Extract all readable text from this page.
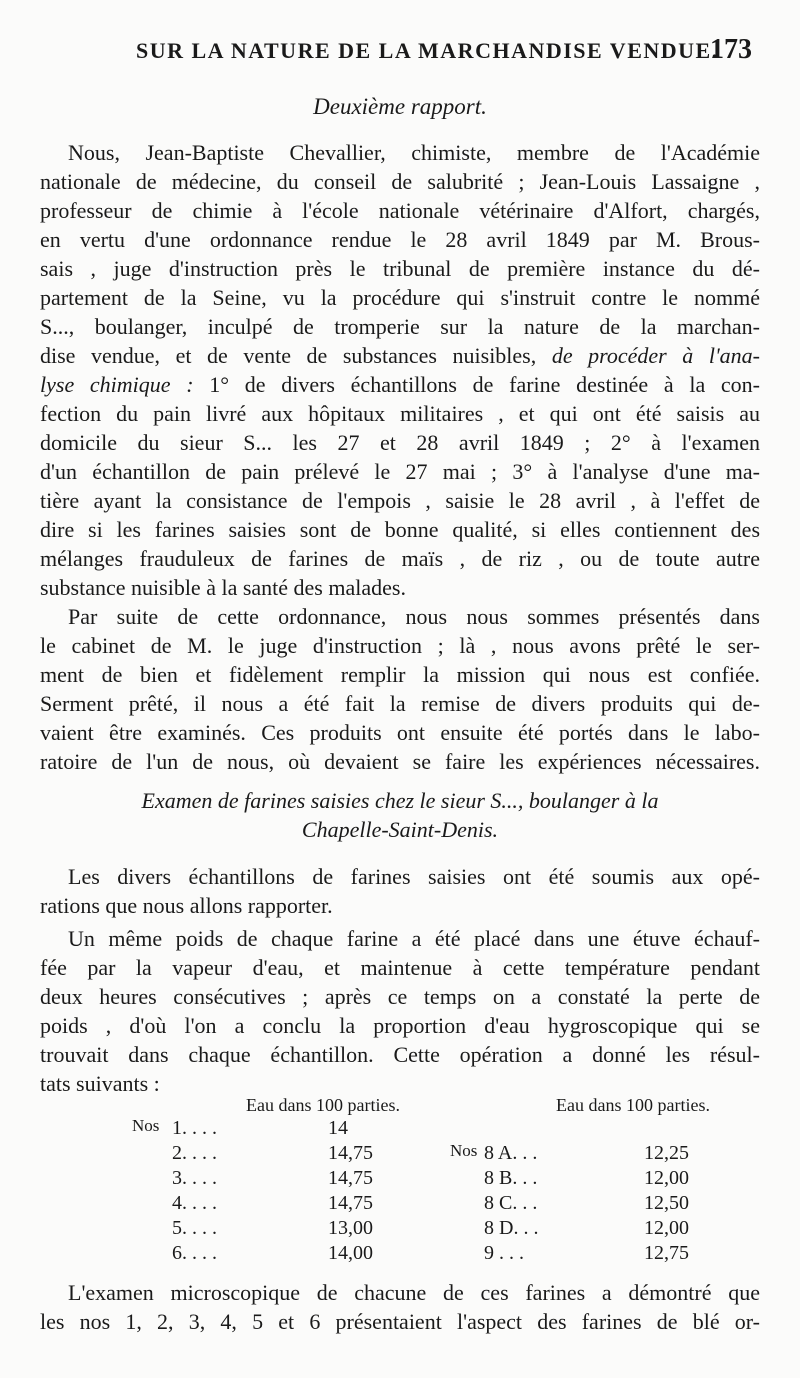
SUR LA NATURE DE LA MARCHANDISE VENDUE.
173
Deuxième rapport.
Nous, Jean-Baptiste Chevallier, chimiste, membre de l'Académie
nationale de médecine, du conseil de salubrité ; Jean-Louis Lassaigne ,
professeur de chimie à l'école nationale vétérinaire d'Alfort, chargés,
en vertu d'une ordonnance rendue le 28 avril 1849 par M. Brous-
sais , juge d'instruction près le tribunal de première instance du dé-
partement de la Seine, vu la procédure qui s'instruit contre le nommé
S..., boulanger, inculpé de tromperie sur la nature de la marchan-
dise vendue, et de vente de substances nuisibles, de procéder à l'ana-
lyse chimique : 1° de divers échantillons de farine destinée à la con-
fection du pain livré aux hôpitaux militaires , et qui ont été saisis au
domicile du sieur S... les 27 et 28 avril 1849 ; 2° à l'examen
d'un échantillon de pain prélevé le 27 mai ; 3° à l'analyse d'une ma-
tière ayant la consistance de l'empois , saisie le 28 avril , à l'effet de
dire si les farines saisies sont de bonne qualité, si elles contiennent des
mélanges frauduleux de farines de maïs , de riz , ou de toute autre
substance nuisible à la santé des malades.
Par suite de cette ordonnance, nous nous sommes présentés dans
le cabinet de M. le juge d'instruction ; là , nous avons prêté le ser-
ment de bien et fidèlement remplir la mission qui nous est confiée.
Serment prêté, il nous a été fait la remise de divers produits qui de-
vaient être examinés. Ces produits ont ensuite été portés dans le labo-
ratoire de l'un de nous, où devaient se faire les expériences nécessaires.
Examen de farines saisies chez le sieur S..., boulanger à la
Chapelle-Saint-Denis.
Les divers échantillons de farines saisies ont été soumis aux opé-
rations que nous allons rapporter.
Un même poids de chaque farine a été placé dans une étuve échauf-
fée par la vapeur d'eau, et maintenue à cette température pendant
deux heures consécutives ; après ce temps on a constaté la perte de
poids , d'où l'on a conclu la proportion d'eau hygroscopique qui se
trouvait dans chaque échantillon. Cette opération a donné les résul-
tats suivants :
Eau dans 100 parties.	Eau dans 100 parties.
Nos
Nos
1. . . .	14
2. . . .	14,75
3. . . .	14,75
4. . . .	14,75
5. . . .	13,00
6. . . .	14,00
8 A. . .	12,25
8 B. . .	12,00
8 C. . .	12,50
8 D. . .	12,00
9 . . .	12,75
L'examen microscopique de chacune de ces farines a démontré que
les nos 1, 2, 3, 4, 5 et 6 présentaient l'aspect des farines de blé or-
